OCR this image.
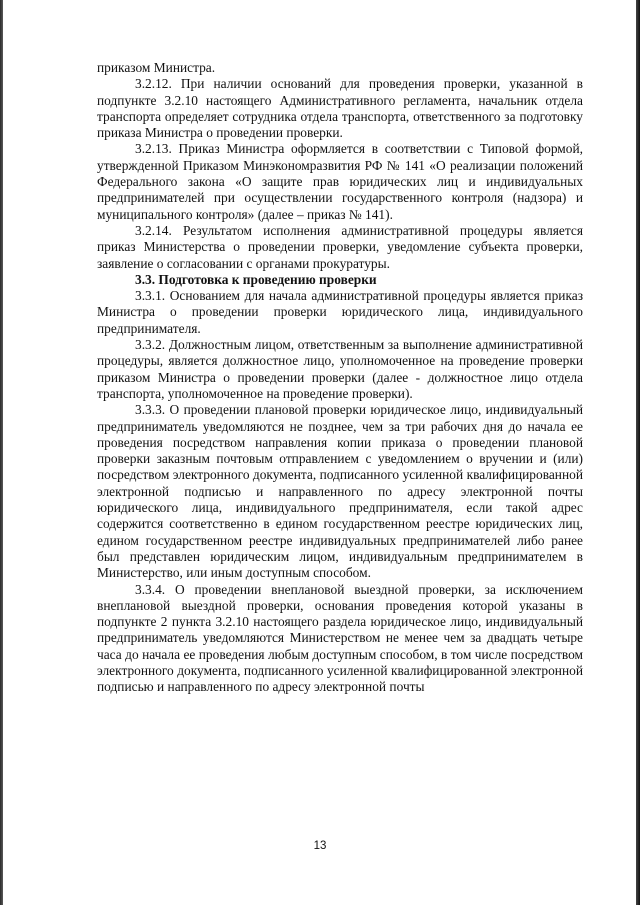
приказом Министра.

3.2.12. При наличии оснований для проведения проверки, указанной в подпункте 3.2.10 настоящего Административного регламента, начальник отдела транспорта определяет сотрудника отдела транспорта, ответственного за подготовку приказа Министра о проведении проверки.

3.2.13. Приказ Министра оформляется в соответствии с Типовой формой, утвержденной Приказом Минэкономразвития РФ № 141 «О реализации положений Федерального закона «О защите прав юридических лиц и индивидуальных предпринимателей при осуществлении государственного контроля (надзора) и муниципального контроля» (далее – приказ № 141).

3.2.14. Результатом исполнения административной процедуры является приказ Министерства о проведении проверки, уведомление субъекта проверки, заявление о согласовании с органами прокуратуры.

3.3. Подготовка к проведению проверки

3.3.1. Основанием для начала административной процедуры является приказ Министра о проведении проверки юридического лица, индивидуального предпринимателя.

3.3.2. Должностным лицом, ответственным за выполнение административной процедуры, является должностное лицо, уполномоченное на проведение проверки приказом Министра о проведении проверки (далее - должностное лицо отдела транспорта, уполномоченное на проведение проверки).

3.3.3. О проведении плановой проверки юридическое лицо, индивидуальный предприниматель уведомляются не позднее, чем за три рабочих дня до начала ее проведения посредством направления копии приказа о проведении плановой проверки заказным почтовым отправлением с уведомлением о вручении и (или) посредством электронного документа, подписанного усиленной квалифицированной электронной подписью и направленного по адресу электронной почты юридического лица, индивидуального предпринимателя, если такой адрес содержится соответственно в едином государственном реестре юридических лиц, едином государственном реестре индивидуальных предпринимателей либо ранее был представлен юридическим лицом, индивидуальным предпринимателем в Министерство, или иным доступным способом.

3.3.4. О проведении внеплановой выездной проверки, за исключением внеплановой выездной проверки, основания проведения которой указаны в подпункте 2 пункта 3.2.10 настоящего раздела юридическое лицо, индивидуальный предприниматель уведомляются Министерством не менее чем за двадцать четыре часа до начала ее проведения любым доступным способом, в том числе посредством электронного документа, подписанного усиленной квалифицированной электронной подписью и направленного по адресу электронной почты

13
